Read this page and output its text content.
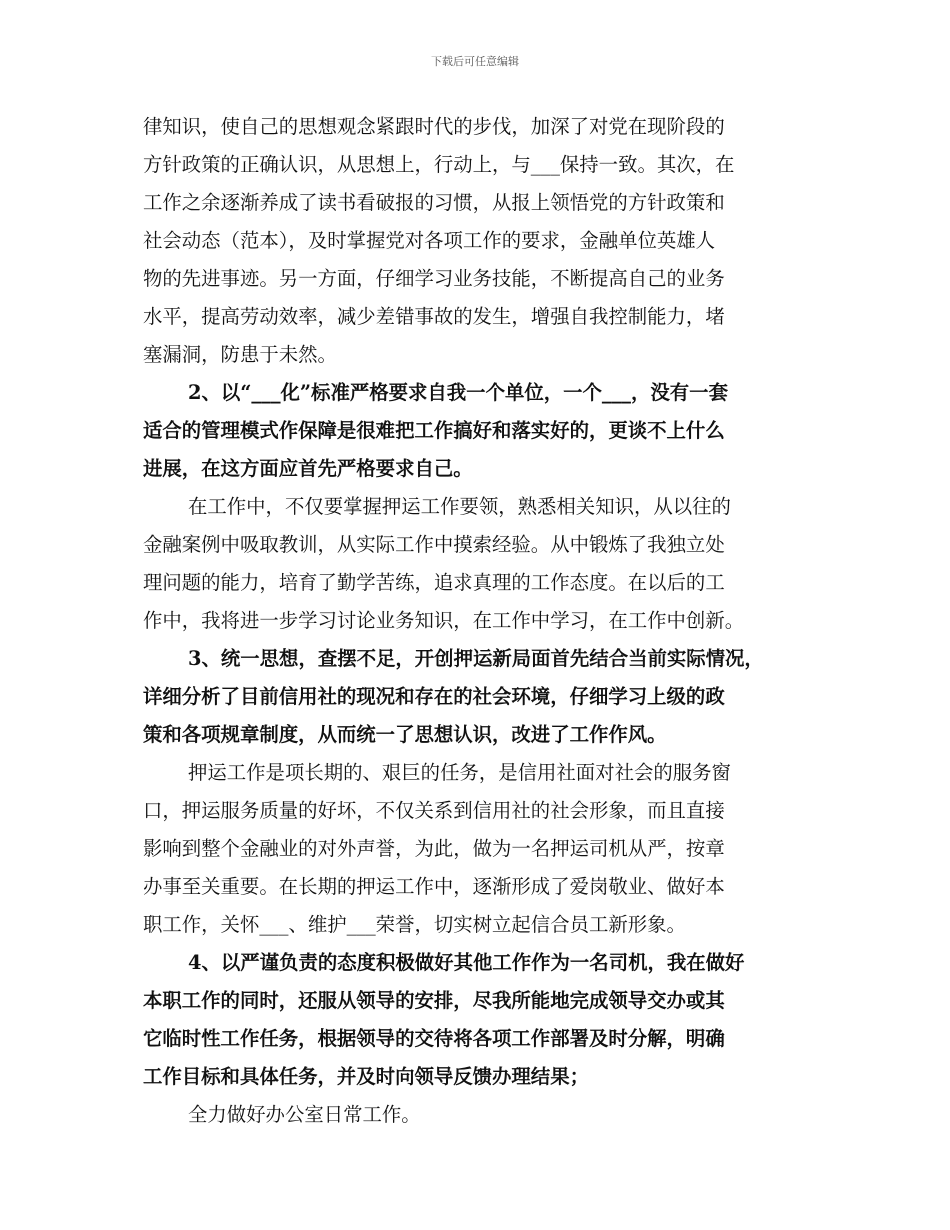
下载后可任意编辑
律知识，使自己的思想观念紧跟时代的步伐，加深了对党在现阶段的
方针政策的正确认识，从思想上，行动上，与___保持一致。其次，在
工作之余逐渐养成了读书看破报的习惯，从报上领悟党的方针政策和
社会动态（范本），及时掌握党对各项工作的要求，金融单位英雄人
物的先进事迹。另一方面，仔细学习业务技能，不断提高自己的业务
水平，提高劳动效率，减少差错事故的发生，增强自我控制能力，堵
塞漏洞，防患于未然。
2、以“___化”标准严格要求自我一个单位，一个___，没有一套
适合的管理模式作保障是很难把工作搞好和落实好的，更谈不上什么
进展，在这方面应首先严格要求自己。
在工作中，不仅要掌握押运工作要领，熟悉相关知识，从以往的
金融案例中吸取教训，从实际工作中摸索经验。从中锻炼了我独立处
理问题的能力，培育了勤学苦练，追求真理的工作态度。在以后的工
作中，我将进一步学习讨论业务知识，在工作中学习，在工作中创新。
3、统一思想，查摆不足，开创押运新局面首先结合当前实际情况，
详细分析了目前信用社的现况和存在的社会环境，仔细学习上级的政
策和各项规章制度，从而统一了思想认识，改进了工作作风。
押运工作是项长期的、艰巨的任务，是信用社面对社会的服务窗
口，押运服务质量的好坏，不仅关系到信用社的社会形象，而且直接
影响到整个金融业的对外声誉，为此，做为一名押运司机从严，按章
办事至关重要。在长期的押运工作中，逐渐形成了爱岗敬业、做好本
职工作，关怀___、维护___荣誉，切实树立起信合员工新形象。
4、以严谨负责的态度积极做好其他工作作为一名司机，我在做好
本职工作的同时，还服从领导的安排，尽我所能地完成领导交办或其
它临时性工作任务，根据领导的交待将各项工作部署及时分解，明确
工作目标和具体任务，并及时向领导反馈办理结果；
全力做好办公室日常工作。
